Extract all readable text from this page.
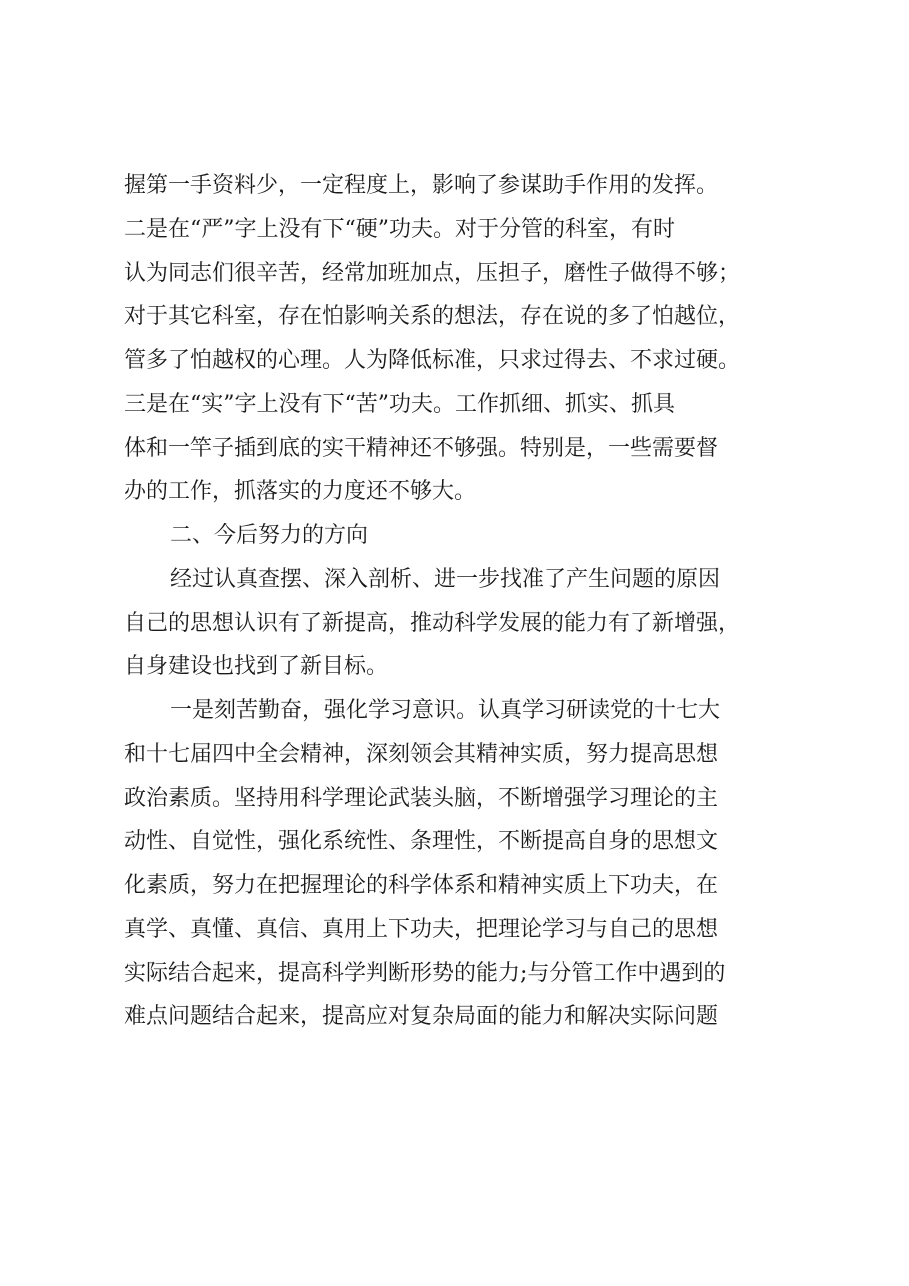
握第一手资料少，一定程度上，影响了参谋助手作用的发挥。
二是在“严”字上没有下“硬”功夫。对于分管的科室，有时
认为同志们很辛苦，经常加班加点，压担子，磨性子做得不够；
对于其它科室，存在怕影响关系的想法，存在说的多了怕越位，
管多了怕越权的心理。人为降低标准，只求过得去、不求过硬。
三是在“实”字上没有下“苦”功夫。工作抓细、抓实、抓具
体和一竿子插到底的实干精神还不够强。特别是，一些需要督
办的工作，抓落实的力度还不够大。
二、今后努力的方向
经过认真查摆、深入剖析、进一步找准了产生问题的原因
自己的思想认识有了新提高，推动科学发展的能力有了新增强，
自身建设也找到了新目标。
一是刻苦勤奋，强化学习意识。认真学习研读党的十七大
和十七届四中全会精神，深刻领会其精神实质，努力提高思想
政治素质。坚持用科学理论武装头脑，不断增强学习理论的主
动性、自觉性，强化系统性、条理性，不断提高自身的思想文
化素质，努力在把握理论的科学体系和精神实质上下功夫，在
真学、真懂、真信、真用上下功夫，把理论学习与自己的思想
实际结合起来，提高科学判断形势的能力;与分管工作中遇到的
难点问题结合起来，提高应对复杂局面的能力和解决实际问题
